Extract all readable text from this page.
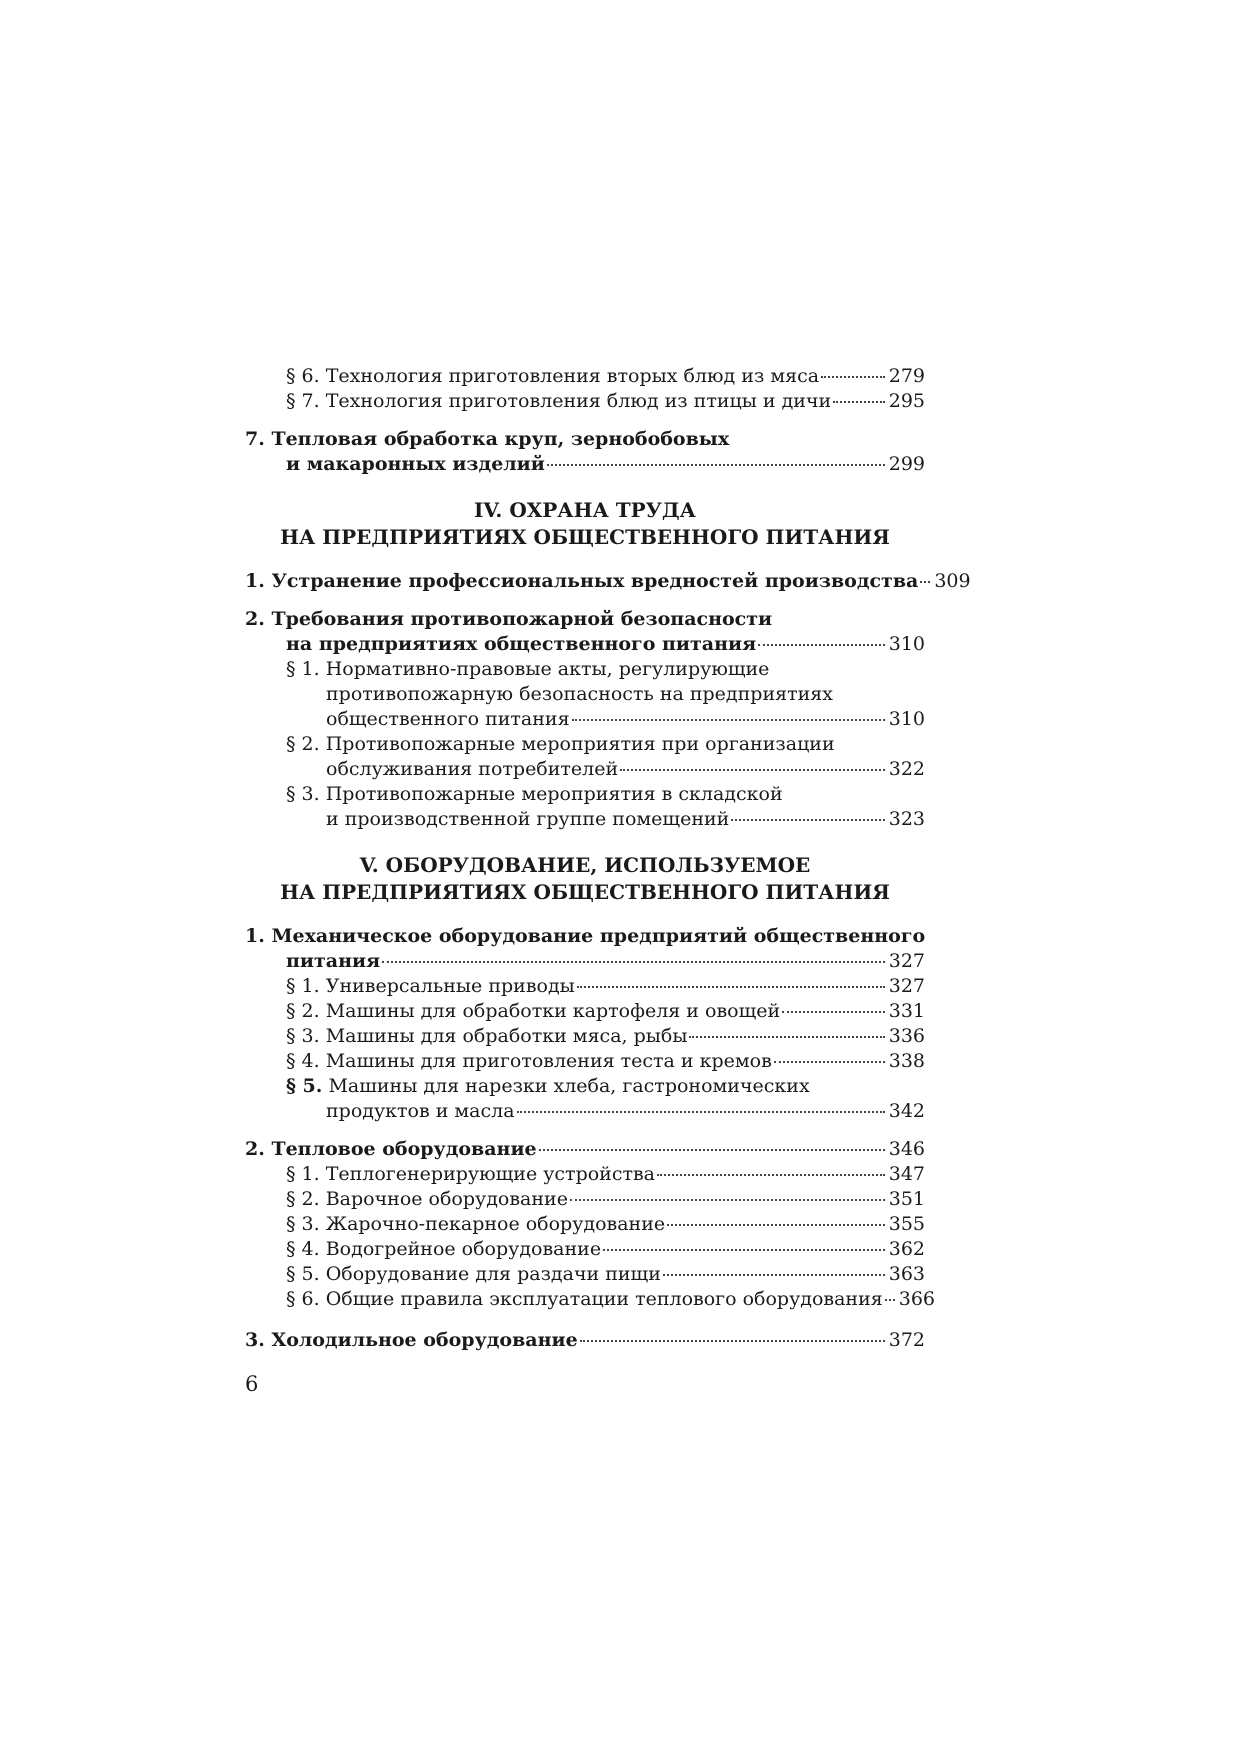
§ 6. Технология приготовления вторых блюд из мяса	279
§ 7. Технология приготовления блюд из птицы и дичи	295
7. Тепловая обработка круп, зернобобовых
и макаронных изделий	299
IV. ОХРАНА ТРУДА
НА ПРЕДПРИЯТИЯХ ОБЩЕСТВЕННОГО ПИТАНИЯ
1. Устранение профессиональных вредностей производства 309
2. Требования противопожарной безопасности
на предприятиях общественного питания	310
§ 1. Нормативно-правовые акты, регулирующие
противопожарную безопасность на предприятиях
общественного питания	310
§ 2. Противопожарные мероприятия при организации
обслуживания потребителей	322
§ 3. Противопожарные мероприятия в складской
и производственной группе помещений	323
V. ОБОРУДОВАНИЕ, ИСПОЛЬЗУЕМОЕ
НА ПРЕДПРИЯТИЯХ ОБЩЕСТВЕННОГО ПИТАНИЯ
1. Механическое оборудование предприятий общественного
питания	327
§ 1. Универсальные приводы	327
§ 2. Машины для обработки картофеля и овощей	331
§ 3. Машины для обработки мяса, рыбы	336
§ 4. Машины для приготовления теста и кремов	338
§ 5. Машины для нарезки хлеба, гастрономических
продуктов и масла	342
2. Тепловое оборудование	346
§ 1. Теплогенерирующие устройства	347
§ 2. Варочное оборудование	351
§ 3. Жарочно-пекарное оборудование	355
§ 4. Водогрейное оборудование	362
§ 5. Оборудование для раздачи пищи	363
§ 6. Общие правила эксплуатации теплового оборудования 366
3. Холодильное оборудование	372
6
